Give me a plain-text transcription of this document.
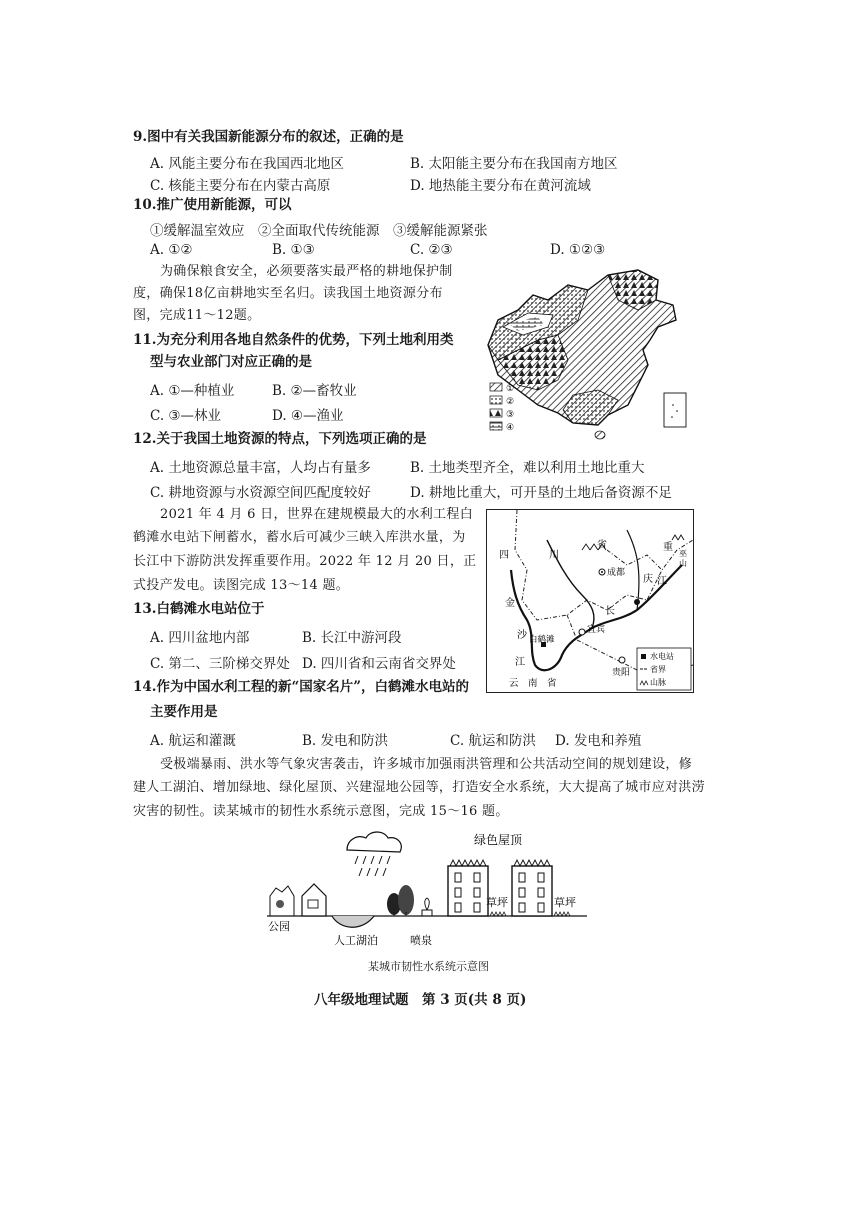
9.图中有关我国新能源分布的叙述，正确的是
A. 风能主要分布在我国西北地区	B. 太阳能主要分布在我国南方地区
C. 核能主要分布在内蒙古高原	D. 地热能主要分布在黄河流域
10.推广使用新能源，可以
①缓解温室效应　②全面取代传统能源　③缓解能源紧张
A. ①②	B. ①③	C. ②③	D. ①②③
为确保粮食安全，必须要落实最严格的耕地保护制
度，确保18亿亩耕地实至名归。读我国土地资源分布
图，完成11～12题。
11.为充分利用各地自然条件的优势，下列土地利用类
型与农业部门对应正确的是
A. ①—种植业	B. ②—畜牧业
C. ③—林业	D. ④—渔业
①
②
③
④
12.关于我国土地资源的特点，下列选项正确的是
A. 土地资源总量丰富，人均占有量多	B. 土地类型齐全，难以利用土地比重大
C. 耕地资源与水资源空间匹配度较好	D. 耕地比重大，可开垦的土地后备资源不足
2021 年 4 月 6 日，世界在建规模最大的水利工程白
鹤滩水电站下闸蓄水，蓄水后可减少三峡入库洪水量，为
长江中下游防洪发挥重要作用。2022 年 12 月 20 日，正
式投产发电。读图完成 13～14 题。
四	川
省
成都
重
庆
宜宾
白鹤滩
贵阳
金
沙
江
长
江
巫
山
云　南　省
水电站
省界
山脉
13.白鹤滩水电站位于
A. 四川盆地内部	B. 长江中游河段
C. 第二、三阶梯交界处 D. 四川省和云南省交界处
14.作为中国水利工程的新“国家名片”，白鹤滩水电站的
主要作用是
A. 航运和灌溉	B. 发电和防洪	C. 航运和防洪 D. 发电和养殖
受极端暴雨、洪水等气象灾害袭击，许多城市加强雨洪管理和公共活动空间的规划建设，修
建人工湖泊、增加绿地、绿化屋顶、兴建湿地公园等，打造安全水系统，大大提高了城市应对洪涝
灾害的韧性。读某城市的韧性水系统示意图，完成 15～16 题。
绿色屋顶
公园
人工湖泊	喷泉
草坪	草坪
某城市韧性水系统示意图
八年级地理试题　第 3 页(共 8 页)
